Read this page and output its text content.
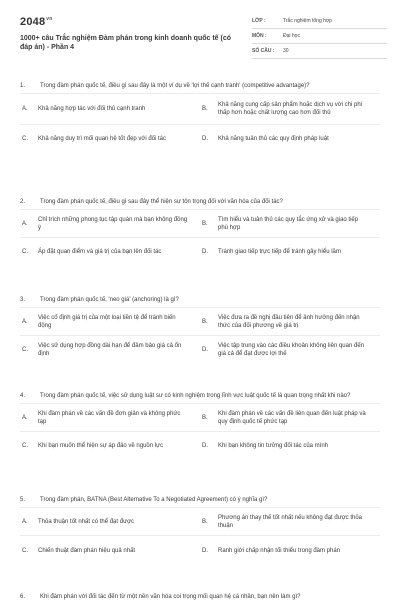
$2048^{vn}$
1000+ câu Trắc nghiệm Đàm phán trong kinh doanh quốc tế (có đáp án) - Phần 4
LỚP :	Trắc nghiệm tổng hợp
MÔN :	Đại học
SỐ CÂU : 30
1. Trong đàm phán quốc tế, điều gì sau đây là một ví dụ về 'lợi thế cạnh tranh' (competitive advantage)?
A.	Khả năng hợp tác với đối thủ cạnh tranh	B.
Khả năng cung cấp sản phẩm hoặc dịch vụ với chi phí thấp hơn hoặc chất lượng cao hơn đối thủ
C.	Khả năng duy trì mối quan hệ tốt đẹp với đối tác	D.	Khả năng tuân thủ các quy định pháp luật
2. Trong đàm phán quốc tế, điều gì sau đây thể hiện sự tôn trọng đối với văn hóa của đối tác?
A.
Chỉ trích những phong tục tập quán mà bạn không đồng ý
B.
Tìm hiểu và tuân thủ các quy tắc ứng xử và giao tiếp phù hợp
C.	Áp đặt quan điểm và giá trị của bạn lên đối tác	D.	Tránh giao tiếp trực tiếp để tránh gây hiểu lầm
3. Trong đàm phán quốc tế, 'neo giá' (anchoring) là gì?
A.
Việc cố định giá trị của một loại tiền tệ để tránh biến động
B.
Việc đưa ra đề nghị đầu tiên để ảnh hưởng đến nhận thức của đối phương về giá trị
C.
Việc sử dụng hợp đồng dài hạn để đảm bảo giá cả ổn định
D.
Việc tập trung vào các điều khoản không liên quan đến giá cả để đạt được lợi thế
4. Trong đàm phán quốc tế, việc sử dụng luật sư có kinh nghiệm trong lĩnh vực luật quốc tế là quan trọng nhất khi nào?
A.
Khi đàm phán về các vấn đề đơn giản và không phức tạp
B.
Khi đàm phán về các vấn đề liên quan đến luật pháp và quy định quốc tế phức tạp
C.	Khi bạn muốn thể hiện sự áp đảo về nguồn lực	D.	Khi bạn không tin tưởng đối tác của mình
5. Trong đàm phán, BATNA (Best Alternative To a Negotiated Agreement) có ý nghĩa gì?
A.	Thỏa thuận tốt nhất có thể đạt được	B.
Phương án thay thế tốt nhất nếu không đạt được thỏa thuận
C.	Chiến thuật đàm phán hiệu quả nhất	D.	Ranh giới chấp nhận tối thiểu trong đàm phán
6. Khi đàm phán với đối tác đến từ một nền văn hóa coi trọng mối quan hệ cá nhân, bạn nên làm gì?
